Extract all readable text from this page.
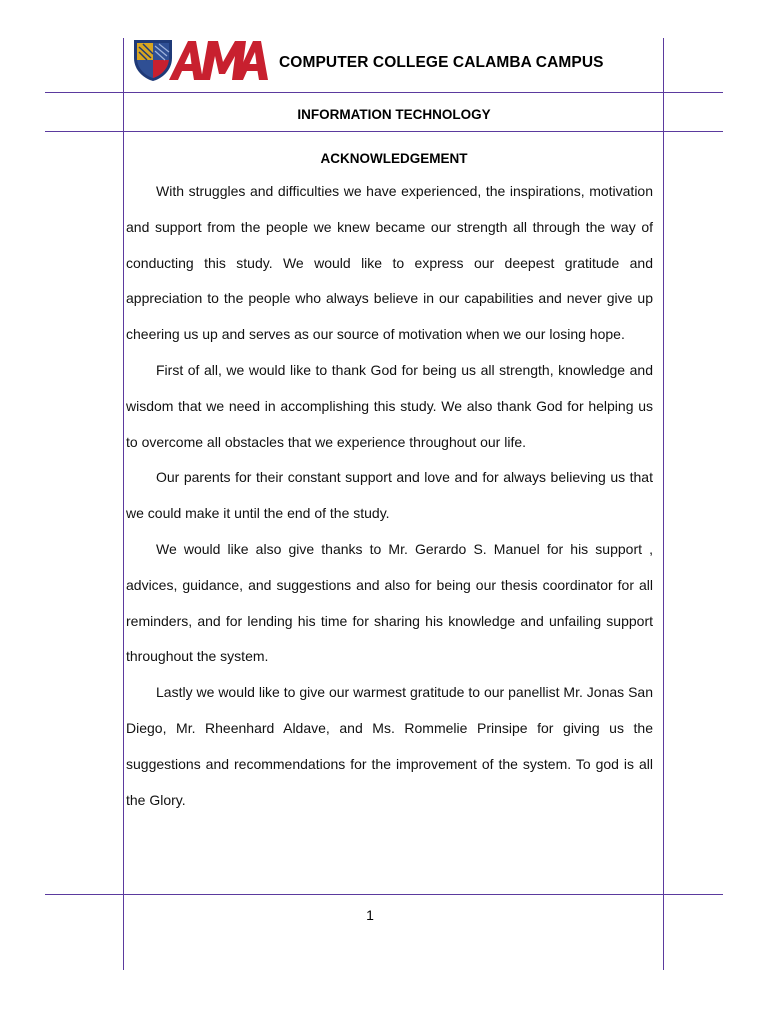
COMPUTER COLLEGE CALAMBA CAMPUS
INFORMATION TECHNOLOGY
ACKNOWLEDGEMENT

With struggles and difficulties we have experienced, the inspirations, motivation and support from the people we knew became our strength all through the way of conducting this study. We would like to express our deepest gratitude and appreciation to the people who always believe in our capabilities and never give up cheering us up and serves as our source of motivation when we our losing hope.

First of all, we would like to thank God for being us all strength, knowledge and wisdom that we need in accomplishing this study. We also thank God for helping us to overcome all obstacles that we experience throughout our life.

Our parents for their constant support and love and for always believing us that we could make it until the end of the study.

We would like also give thanks to Mr. Gerardo S. Manuel for his support , advices, guidance, and suggestions and also for being our thesis coordinator for all reminders, and for lending his time for sharing his knowledge and unfailing support throughout the system.

Lastly we would like to give our warmest gratitude to our panellist Mr. Jonas San Diego, Mr. Rheenhard Aldave, and Ms. Rommelie Prinsipe for giving us the suggestions and recommendations for the improvement of the system. To god is all the Glory.

1
